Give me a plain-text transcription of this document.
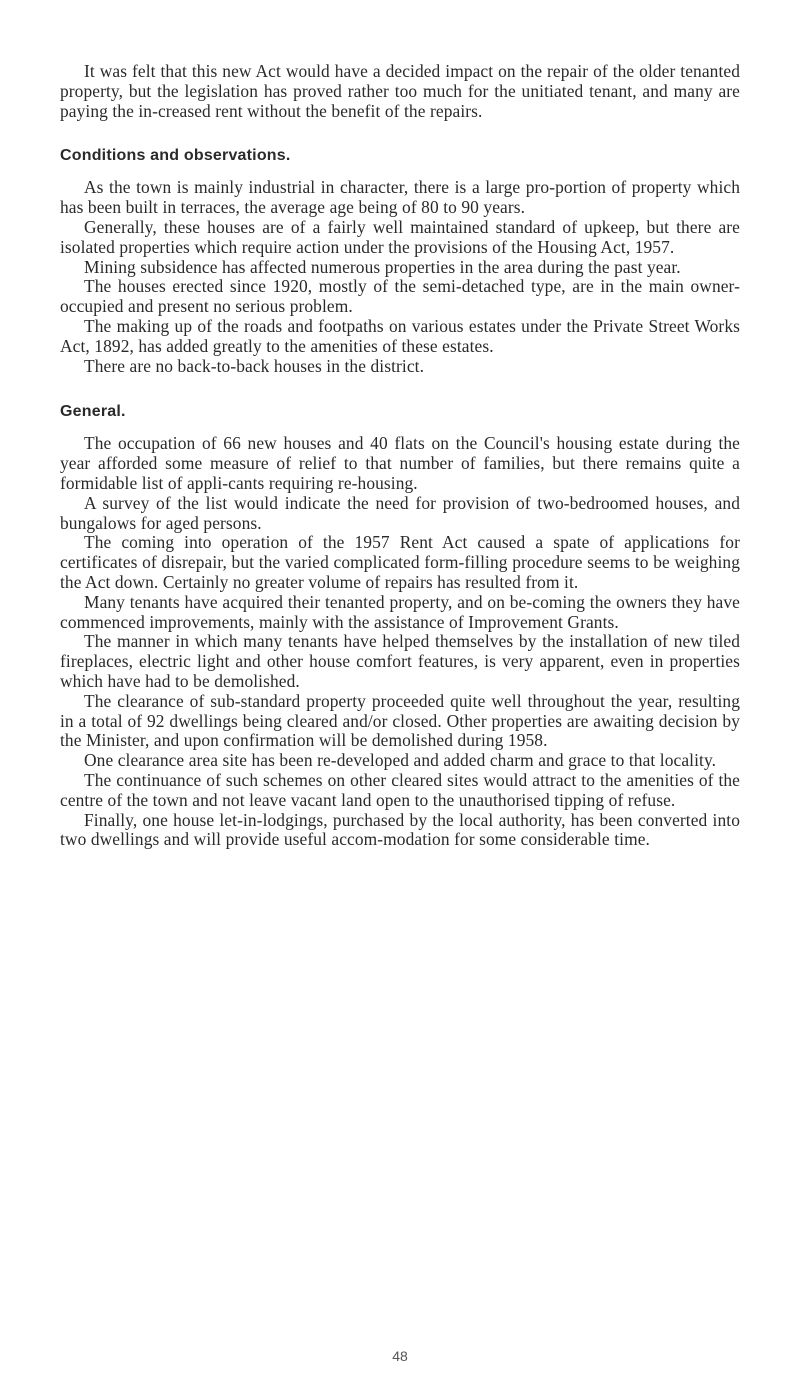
It was felt that this new Act would have a decided impact on the repair of the older tenanted property, but the legislation has proved rather too much for the unitiated tenant, and many are paying the in-creased rent without the benefit of the repairs.

Conditions and observations.

As the town is mainly industrial in character, there is a large pro-portion of property which has been built in terraces, the average age being of 80 to 90 years.

Generally, these houses are of a fairly well maintained standard of upkeep, but there are isolated properties which require action under the provisions of the Housing Act, 1957.

Mining subsidence has affected numerous properties in the area during the past year.

The houses erected since 1920, mostly of the semi-detached type, are in the main owner-occupied and present no serious problem.

The making up of the roads and footpaths on various estates under the Private Street Works Act, 1892, has added greatly to the amenities of these estates.

There are no back-to-back houses in the district.

General.

The occupation of 66 new houses and 40 flats on the Council's housing estate during the year afforded some measure of relief to that number of families, but there remains quite a formidable list of appli-cants requiring re-housing.

A survey of the list would indicate the need for provision of two-bedroomed houses, and bungalows for aged persons.

The coming into operation of the 1957 Rent Act caused a spate of applications for certificates of disrepair, but the varied complicated form-filling procedure seems to be weighing the Act down. Certainly no greater volume of repairs has resulted from it.

Many tenants have acquired their tenanted property, and on be-coming the owners they have commenced improvements, mainly with the assistance of Improvement Grants.

The manner in which many tenants have helped themselves by the installation of new tiled fireplaces, electric light and other house comfort features, is very apparent, even in properties which have had to be demolished.

The clearance of sub-standard property proceeded quite well throughout the year, resulting in a total of 92 dwellings being cleared and/or closed. Other properties are awaiting decision by the Minister, and upon confirmation will be demolished during 1958.

One clearance area site has been re-developed and added charm and grace to that locality.

The continuance of such schemes on other cleared sites would attract to the amenities of the centre of the town and not leave vacant land open to the unauthorised tipping of refuse.

Finally, one house let-in-lodgings, purchased by the local authority, has been converted into two dwellings and will provide useful accom-modation for some considerable time.

48
